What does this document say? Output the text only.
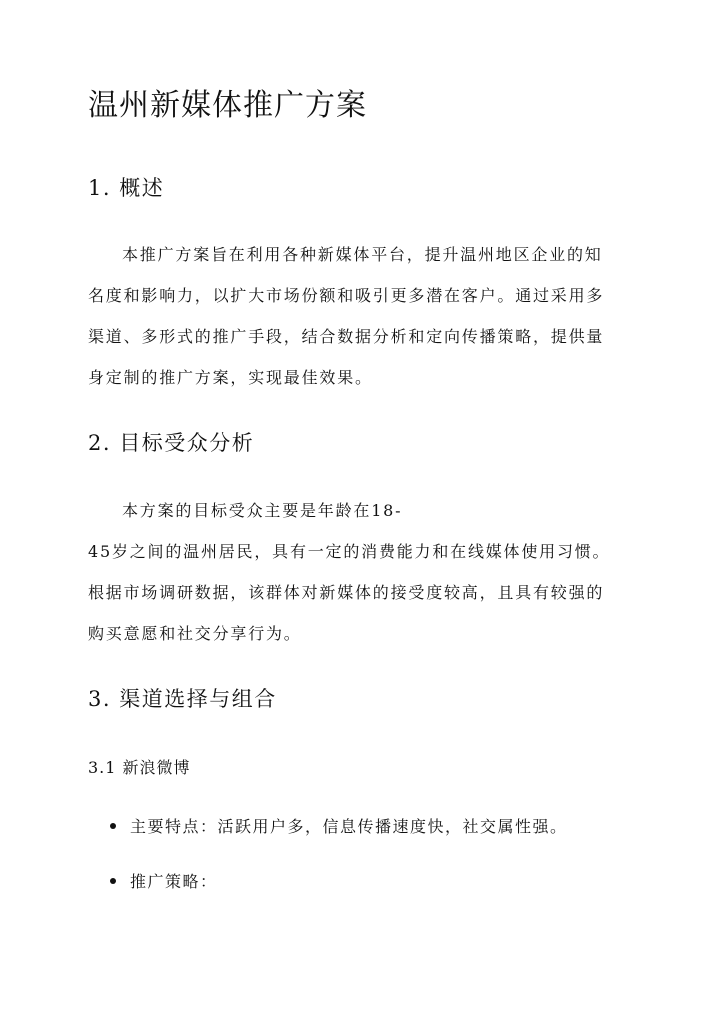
温州新媒体推广方案
1. 概述
本推广方案旨在利用各种新媒体平台，提升温州地区企业的知
名度和影响力，以扩大市场份额和吸引更多潜在客户。通过采用多
渠道、多形式的推广手段，结合数据分析和定向传播策略，提供量
身定制的推广方案，实现最佳效果。
2. 目标受众分析
本方案的目标受众主要是年龄在18-
45岁之间的温州居民，具有一定的消费能力和在线媒体使用习惯。
根据市场调研数据，该群体对新媒体的接受度较高，且具有较强的
购买意愿和社交分享行为。
3. 渠道选择与组合
3.1 新浪微博

主要特点：活跃用户多，信息传播速度快，社交属性强。

推广策略：
